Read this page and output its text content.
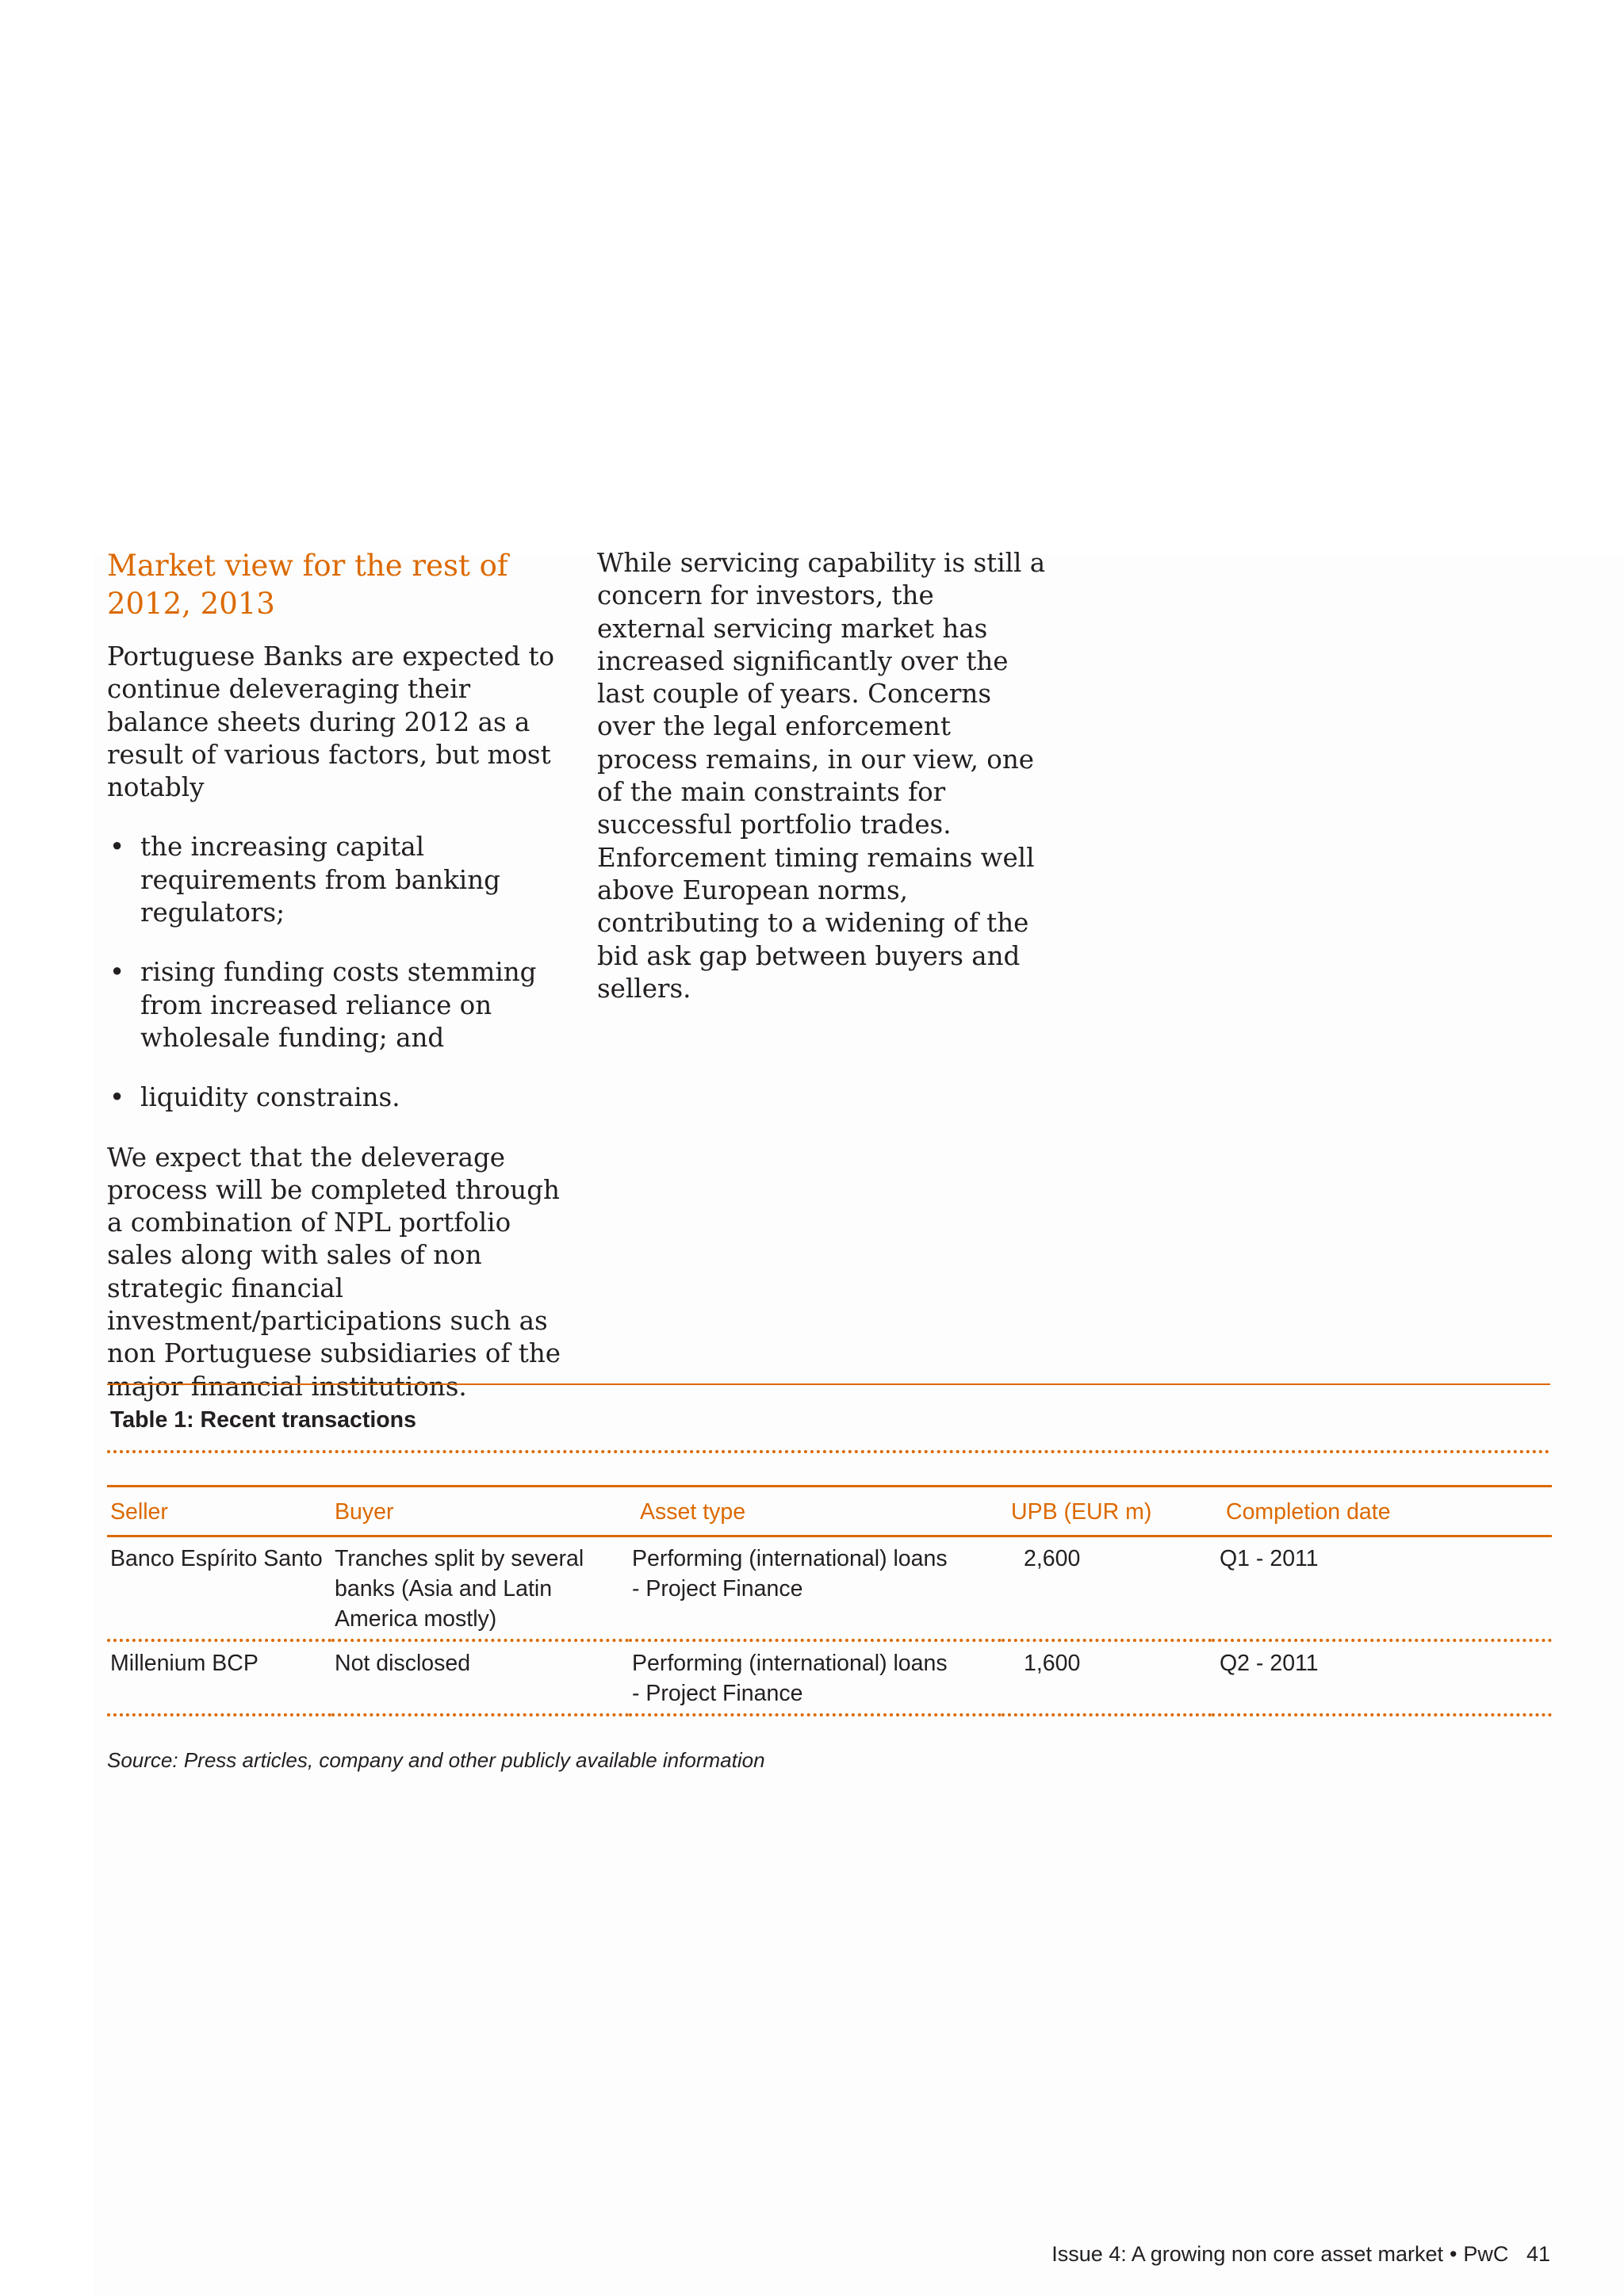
Market view for the rest of 2012, 2013

Portuguese Banks are expected to continue deleveraging their balance sheets during 2012 as a result of various factors, but most notably

• the increasing capital requirements from banking regulators;
• rising funding costs stemming from increased reliance on wholesale funding; and
• liquidity constrains.

We expect that the deleverage process will be completed through a combination of NPL portfolio sales along with sales of non strategic financial investment/participations such as non Portuguese subsidiaries of the major financial institutions.

While servicing capability is still a concern for investors, the external servicing market has increased significantly over the last couple of years. Concerns over the legal enforcement process remains, in our view, one of the main constraints for successful portfolio trades. Enforcement timing remains well above European norms, contributing to a widening of the bid ask gap between buyers and sellers.

Table 1: Recent transactions
Seller	Buyer	Asset type	UPB (EUR m)	Completion date
Banco Espírito Santo	Tranches split by several banks (Asia and Latin America mostly)	Performing (international) loans - Project Finance	2,600	Q1 - 2011
Millenium BCP	Not disclosed	Performing (international) loans - Project Finance	1,600	Q2 - 2011
Source: Press articles, company and other publicly available information
Issue 4: A growing non core asset market • PwC 41
